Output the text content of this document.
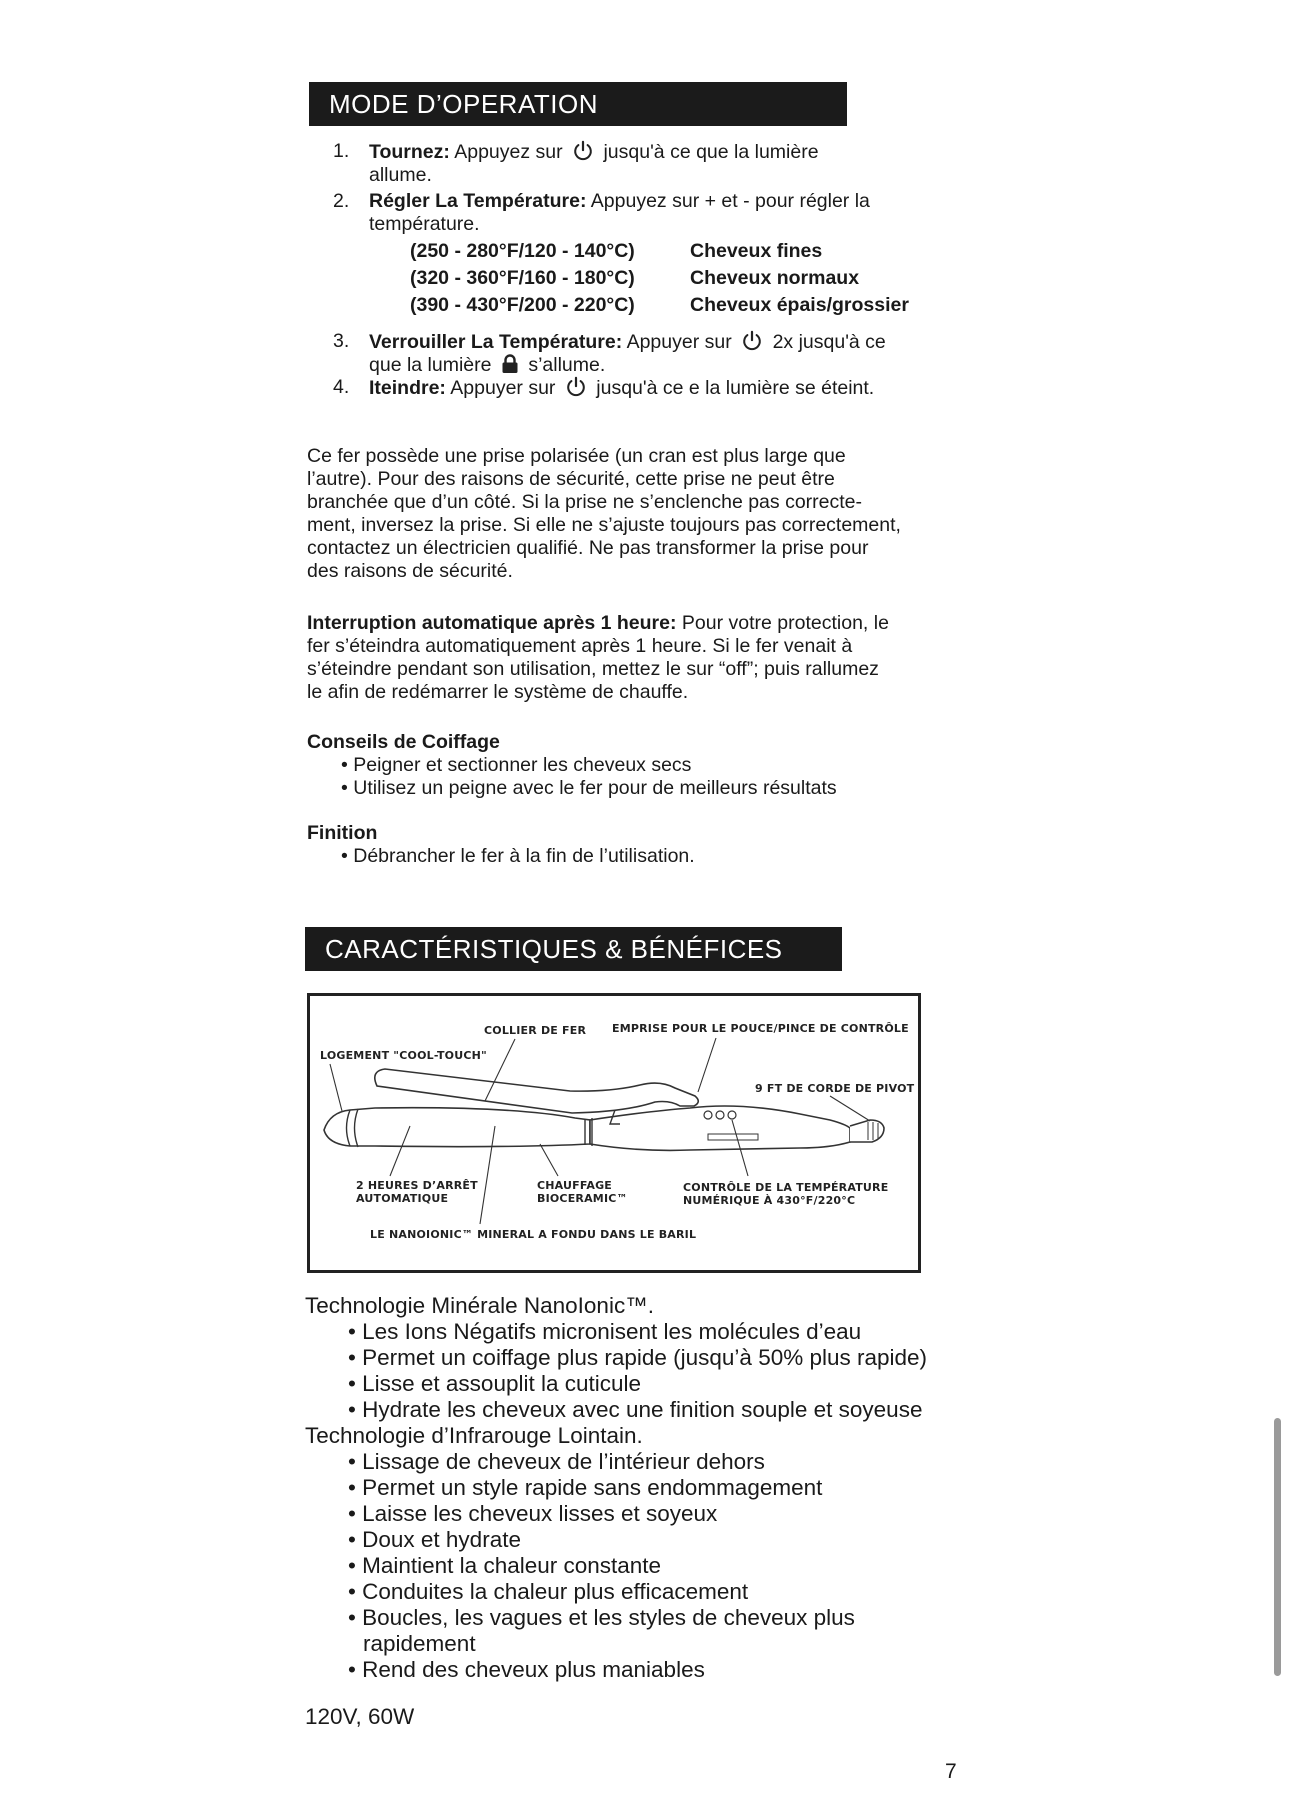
MODE D’OPERATION
1.	Tournez: Appuyez sur jusqu'à ce que la lumière
allume.
2.	Régler La Température: Appuyez sur + et - pour régler la
température.
(250 - 280°F/120 - 140°C)	Cheveux fines
(320 - 360°F/160 - 180°C)	Cheveux normaux
(390 - 430°F/200 - 220°C)	Cheveux épais/grossier
3.	Verrouiller La Température: Appuyer sur 2x jusqu'à ce
que la lumière s’allume.
4.	Iteindre: Appuyer sur jusqu'à ce e la lumière se éteint.
Ce fer possède une prise polarisée (un cran est plus large que
l’autre). Pour des raisons de sécurité, cette prise ne peut être
branchée que d’un côté. Si la prise ne s’enclenche pas correcte-
ment, inversez la prise. Si elle ne s’ajuste toujours pas correctement,
contactez un électricien qualifié. Ne pas transformer la prise pour
des raisons de sécurité.
Interruption automatique après 1 heure: Pour votre protection, le
fer s’éteindra automatiquement après 1 heure. Si le fer venait à
s’éteindre pendant son utilisation, mettez le sur “off”; puis rallumez
le afin de redémarrer le système de chauffe.
Conseils de Coiffage
• Peigner et sectionner les cheveux secs
• Utilisez un peigne avec le fer pour de meilleurs résultats
Finition
• Débrancher le fer à la fin de l’utilisation.
CARACTÉRISTIQUES & BÉNÉFICES
COLLIER DE FER EMPRISE POUR LE POUCE/PINCE DE CONTRÔLE
LOGEMENT "COOL-TOUCH"
9 FT DE CORDE DE PIVOT
2 HEURES D’ARRÊT
AUTOMATIQUE
CHAUFFAGE
BIOCERAMIC™
CONTRÔLE DE LA TEMPÉRATURE
NUMÉRIQUE À 430°F/220°C
LE NANOIONIC™ MINERAL A FONDU DANS LE BARIL
Technologie Minérale NanoIonic™.
• Les Ions Négatifs micronisent les molécules d’eau
• Permet un coiffage plus rapide (jusqu’à 50% plus rapide)
• Lisse et assouplit la cuticule
• Hydrate les cheveux avec une finition souple et soyeuse
Technologie d’Infrarouge Lointain.
• Lissage de cheveux de l’intérieur dehors
• Permet un style rapide sans endommagement
• Laisse les cheveux lisses et soyeux
• Doux et hydrate
• Maintient la chaleur constante
• Conduites la chaleur plus efficacement
• Boucles, les vagues et les styles de cheveux plus
rapidement
• Rend des cheveux plus maniables
120V, 60W
7
